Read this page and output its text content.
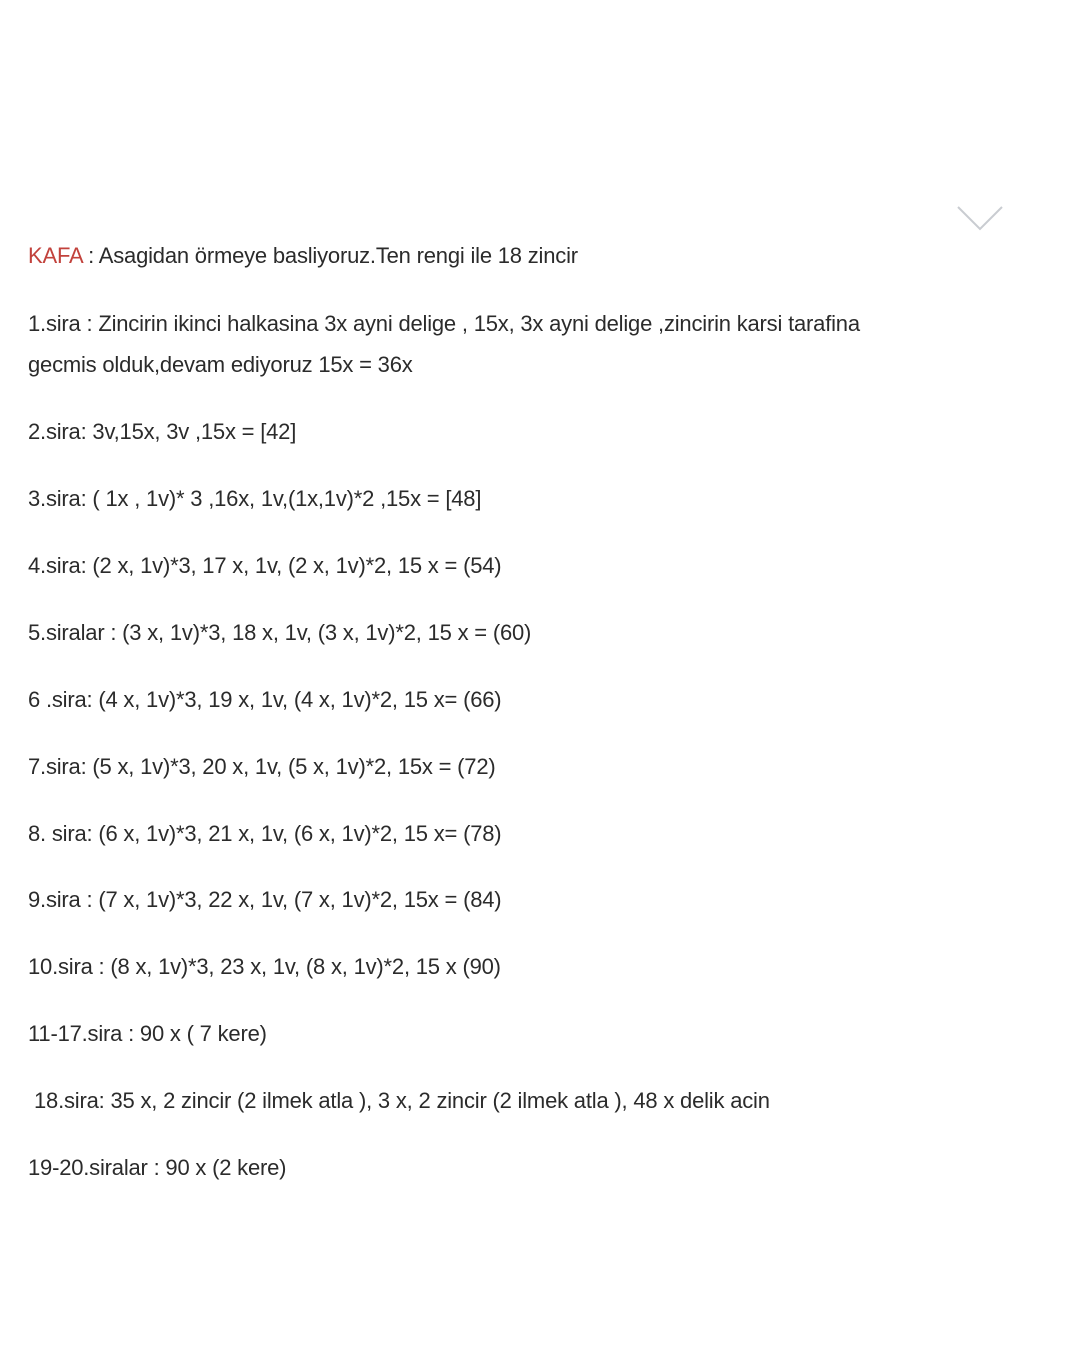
KAFA : Asagidan örmeye basliyoruz.Ten rengi ile 18 zincir
1.sira : Zincirin ikinci halkasina 3x ayni delige , 15x, 3x ayni delige ,zincirin karsi tarafina
gecmis olduk,devam ediyoruz 15x = 36x
2.sira: 3v,15x, 3v ,15x = [42]
3.sira: ( 1x , 1v)* 3 ,16x, 1v,(1x,1v)*2 ,15x = [48]
4.sira: (2 x, 1v)*3, 17 x, 1v, (2 x, 1v)*2, 15 x = (54)
5.siralar : (3 x, 1v)*3, 18 x, 1v, (3 x, 1v)*2, 15 x = (60)
6 .sira: (4 x, 1v)*3, 19 x, 1v, (4 x, 1v)*2, 15 x= (66)
7.sira: (5 x, 1v)*3, 20 x, 1v, (5 x, 1v)*2, 15x = (72)
8. sira: (6 x, 1v)*3, 21 x, 1v, (6 x, 1v)*2, 15 x= (78)
9.sira : (7 x, 1v)*3, 22 x, 1v, (7 x, 1v)*2, 15x = (84)
10.sira : (8 x, 1v)*3, 23 x, 1v, (8 x, 1v)*2, 15 x (90)
11-17.sira : 90 x ( 7 kere)
18.sira: 35 x, 2 zincir (2 ilmek atla ), 3 x, 2 zincir (2 ilmek atla ), 48 x delik acin
19-20.siralar : 90 x (2 kere)
